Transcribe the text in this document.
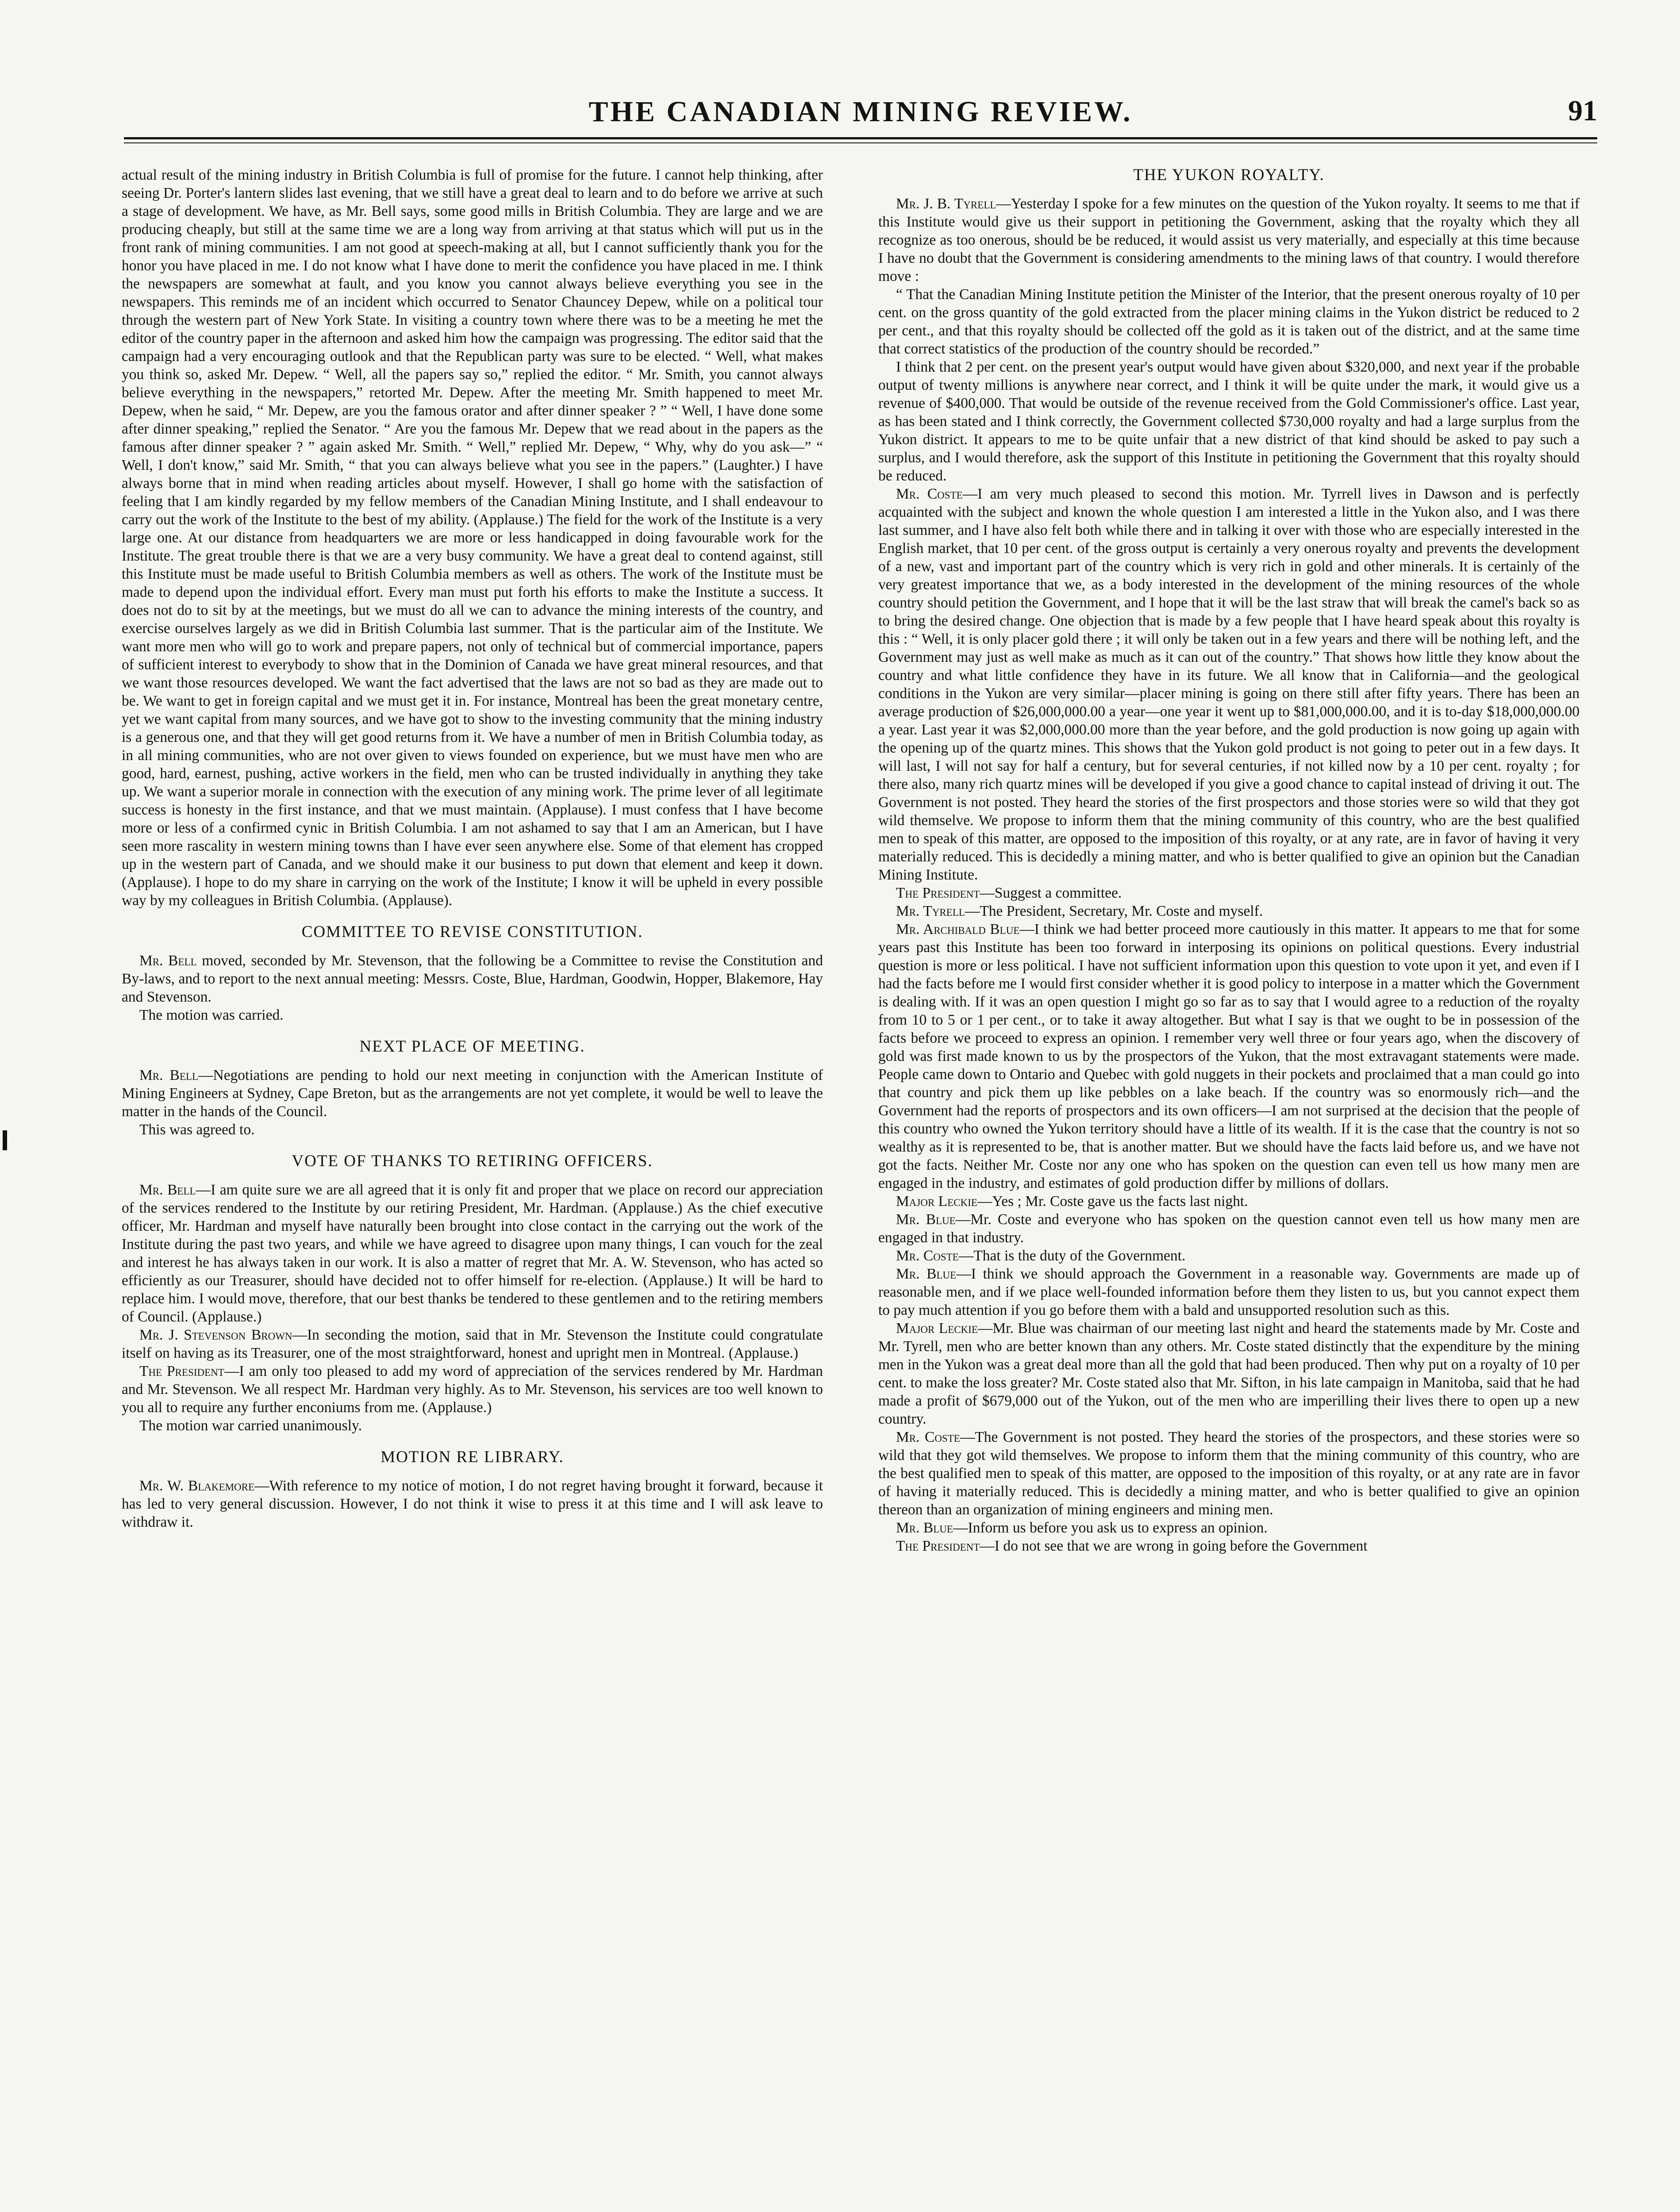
THE CANADIAN MINING REVIEW.	91

actual result of the mining industry in British Columbia is full of promise for the future. I cannot help thinking, after seeing Dr. Porter's lantern slides last evening, that we still have a great deal to learn and to do before we arrive at such a stage of development. We have, as Mr. Bell says, some good mills in British Columbia. They are large and we are producing cheaply, but still at the same time we are a long way from arriving at that status which will put us in the front rank of mining communities. I am not good at speech-making at all, but I cannot sufficiently thank you for the honor you have placed in me. I do not know what I have done to merit the confidence you have placed in me. I think the newspapers are somewhat at fault, and you know you cannot always believe everything you see in the newspapers. This reminds me of an incident which occurred to Senator Chauncey Depew, while on a political tour through the western part of New York State. In visiting a country town where there was to be a meeting he met the editor of the country paper in the afternoon and asked him how the campaign was progressing. The editor said that the campaign had a very encouraging outlook and that the Republican party was sure to be elected. “ Well, what makes you think so, asked Mr. Depew. “ Well, all the papers say so,” replied the editor. “ Mr. Smith, you cannot always believe everything in the newspapers,” retorted Mr. Depew. After the meeting Mr. Smith happened to meet Mr. Depew, when he said, “ Mr. Depew, are you the famous orator and after dinner speaker ? ” “ Well, I have done some after dinner speaking,” replied the Senator. “ Are you the famous Mr. Depew that we read about in the papers as the famous after dinner speaker ? ” again asked Mr. Smith. “ Well,” replied Mr. Depew, “ Why, why do you ask—” “ Well, I don't know,” said Mr. Smith, “ that you can always believe what you see in the papers.” (Laughter.) I have always borne that in mind when reading articles about myself. However, I shall go home with the satisfaction of feeling that I am kindly regarded by my fellow members of the Canadian Mining Institute, and I shall endeavour to carry out the work of the Institute to the best of my ability. (Applause.) The field for the work of the Institute is a very large one. At our distance from headquarters we are more or less handicapped in doing favourable work for the Institute. The great trouble there is that we are a very busy community. We have a great deal to contend against, still this Institute must be made useful to British Columbia members as well as others. The work of the Institute must be made to depend upon the individual effort. Every man must put forth his efforts to make the Institute a success. It does not do to sit by at the meetings, but we must do all we can to advance the mining interests of the country, and exercise ourselves largely as we did in British Columbia last summer. That is the particular aim of the Institute. We want more men who will go to work and prepare papers, not only of technical but of commercial importance, papers of sufficient interest to everybody to show that in the Dominion of Canada we have great mineral resources, and that we want those resources developed. We want the fact advertised that the laws are not so bad as they are made out to be. We want to get in foreign capital and we must get it in. For instance, Montreal has been the great monetary centre, yet we want capital from many sources, and we have got to show to the investing community that the mining industry is a generous one, and that they will get good returns from it. We have a number of men in British Columbia today, as in all mining communities, who are not over given to views founded on experience, but we must have men who are good, hard, earnest, pushing, active workers in the field, men who can be trusted individually in anything they take up. We want a superior morale in connection with the execution of any mining work. The prime lever of all legitimate success is honesty in the first instance, and that we must maintain. (Applause). I must confess that I have become more or less of a confirmed cynic in British Columbia. I am not ashamed to say that I am an American, but I have seen more rascality in western mining towns than I have ever seen anywhere else. Some of that element has cropped up in the western part of Canada, and we should make it our business to put down that element and keep it down. (Applause). I hope to do my share in carrying on the work of the Institute; I know it will be upheld in every possible way by my colleagues in British Columbia. (Applause).

COMMITTEE TO REVISE CONSTITUTION.

Mr. Bell moved, seconded by Mr. Stevenson, that the following be a Committee to revise the Constitution and By-laws, and to report to the next annual meeting: Messrs. Coste, Blue, Hardman, Goodwin, Hopper, Blakemore, Hay and Stevenson.

The motion was carried.

NEXT PLACE OF MEETING.

Mr. Bell—Negotiations are pending to hold our next meeting in conjunction with the American Institute of Mining Engineers at Sydney, Cape Breton, but as the arrangements are not yet complete, it would be well to leave the matter in the hands of the Council.

This was agreed to.

VOTE OF THANKS TO RETIRING OFFICERS.

Mr. Bell—I am quite sure we are all agreed that it is only fit and proper that we place on record our appreciation of the services rendered to the Institute by our retiring President, Mr. Hardman. (Applause.) As the chief executive officer, Mr. Hardman and myself have naturally been brought into close contact in the carrying out the work of the Institute during the past two years, and while we have agreed to disagree upon many things, I can vouch for the zeal and interest he has always taken in our work. It is also a matter of regret that Mr. A. W. Stevenson, who has acted so efficiently as our Treasurer, should have decided not to offer himself for re-election. (Applause.) It will be hard to replace him. I would move, therefore, that our best thanks be tendered to these gentlemen and to the retiring members of Council. (Applause.)

Mr. J. Stevenson Brown—In seconding the motion, said that in Mr. Stevenson the Institute could congratulate itself on having as its Treasurer, one of the most straightforward, honest and upright men in Montreal. (Applause.)

The President—I am only too pleased to add my word of appreciation of the services rendered by Mr. Hardman and Mr. Stevenson. We all respect Mr. Hardman very highly. As to Mr. Stevenson, his services are too well known to you all to require any further enconiums from me. (Applause.)

The motion war carried unanimously.

MOTION RE LIBRARY.

Mr. W. Blakemore—With reference to my notice of motion, I do not regret having brought it forward, because it has led to very general discussion. However, I do not think it wise to press it at this time and I will ask leave to withdraw it.

THE YUKON ROYALTY.

Mr. J. B. Tyrell—Yesterday I spoke for a few minutes on the question of the Yukon royalty. It seems to me that if this Institute would give us their support in petitioning the Government, asking that the royalty which they all recognize as too onerous, should be be reduced, it would assist us very materially, and especially at this time because I have no doubt that the Government is considering amendments to the mining laws of that country. I would therefore move :

“ That the Canadian Mining Institute petition the Minister of the Interior, that the present onerous royalty of 10 per cent. on the gross quantity of the gold extracted from the placer mining claims in the Yukon district be reduced to 2 per cent., and that this royalty should be collected off the gold as it is taken out of the district, and at the same time that correct statistics of the production of the country should be recorded.”

I think that 2 per cent. on the present year's output would have given about $320,000, and next year if the probable output of twenty millions is anywhere near correct, and I think it will be quite under the mark, it would give us a revenue of $400,000. That would be outside of the revenue received from the Gold Commissioner's office. Last year, as has been stated and I think correctly, the Government collected $730,000 royalty and had a large surplus from the Yukon district. It appears to me to be quite unfair that a new district of that kind should be asked to pay such a surplus, and I would therefore, ask the support of this Institute in petitioning the Government that this royalty should be reduced.

Mr. Coste—I am very much pleased to second this motion. Mr. Tyrrell lives in Dawson and is perfectly acquainted with the subject and known the whole question I am interested a little in the Yukon also, and I was there last summer, and I have also felt both while there and in talking it over with those who are especially interested in the English market, that 10 per cent. of the gross output is certainly a very onerous royalty and prevents the development of a new, vast and important part of the country which is very rich in gold and other minerals. It is certainly of the very greatest importance that we, as a body interested in the development of the mining resources of the whole country should petition the Government, and I hope that it will be the last straw that will break the camel's back so as to bring the desired change. One objection that is made by a few people that I have heard speak about this royalty is this : “ Well, it is only placer gold there ; it will only be taken out in a few years and there will be nothing left, and the Government may just as well make as much as it can out of the country.” That shows how little they know about the country and what little confidence they have in its future. We all know that in California—and the geological conditions in the Yukon are very similar—placer mining is going on there still after fifty years. There has been an average production of $26,000,000.00 a year—one year it went up to $81,000,000.00, and it is to-day $18,000,000.00 a year. Last year it was $2,000,000.00 more than the year before, and the gold production is now going up again with the opening up of the quartz mines. This shows that the Yukon gold product is not going to peter out in a few days. It will last, I will not say for half a century, but for several centuries, if not killed now by a 10 per cent. royalty ; for there also, many rich quartz mines will be developed if you give a good chance to capital instead of driving it out. The Government is not posted. They heard the stories of the first prospectors and those stories were so wild that they got wild themselve. We propose to inform them that the mining community of this country, who are the best qualified men to speak of this matter, are opposed to the imposition of this royalty, or at any rate, are in favor of having it very materially reduced. This is decidedly a mining matter, and who is better qualified to give an opinion but the Canadian Mining Institute.

The President—Suggest a committee.

Mr. Tyrell—The President, Secretary, Mr. Coste and myself.

Mr. Archibald Blue—I think we had better proceed more cautiously in this matter. It appears to me that for some years past this Institute has been too forward in interposing its opinions on political questions. Every industrial question is more or less political. I have not sufficient information upon this question to vote upon it yet, and even if I had the facts before me I would first consider whether it is good policy to interpose in a matter which the Government is dealing with. If it was an open question I might go so far as to say that I would agree to a reduction of the royalty from 10 to 5 or 1 per cent., or to take it away altogether. But what I say is that we ought to be in possession of the facts before we proceed to express an opinion. I remember very well three or four years ago, when the discovery of gold was first made known to us by the prospectors of the Yukon, that the most extravagant statements were made. People came down to Ontario and Quebec with gold nuggets in their pockets and proclaimed that a man could go into that country and pick them up like pebbles on a lake beach. If the country was so enormously rich—and the Government had the reports of prospectors and its own officers—I am not surprised at the decision that the people of this country who owned the Yukon territory should have a little of its wealth. If it is the case that the country is not so wealthy as it is represented to be, that is another matter. But we should have the facts laid before us, and we have not got the facts. Neither Mr. Coste nor any one who has spoken on the question can even tell us how many men are engaged in the industry, and estimates of gold production differ by millions of dollars.

Major Leckie—Yes ; Mr. Coste gave us the facts last night.

Mr. Blue—Mr. Coste and everyone who has spoken on the question cannot even tell us how many men are engaged in that industry.

Mr. Coste—That is the duty of the Government.

Mr. Blue—I think we should approach the Government in a reasonable way. Governments are made up of reasonable men, and if we place well-founded information before them they listen to us, but you cannot expect them to pay much attention if you go before them with a bald and unsupported resolution such as this.

Major Leckie—Mr. Blue was chairman of our meeting last night and heard the statements made by Mr. Coste and Mr. Tyrell, men who are better known than any others. Mr. Coste stated distinctly that the expenditure by the mining men in the Yukon was a great deal more than all the gold that had been produced. Then why put on a royalty of 10 per cent. to make the loss greater? Mr. Coste stated also that Mr. Sifton, in his late campaign in Manitoba, said that he had made a profit of $679,000 out of the Yukon, out of the men who are imperilling their lives there to open up a new country.

Mr. Coste—The Government is not posted. They heard the stories of the prospectors, and these stories were so wild that they got wild themselves. We propose to inform them that the mining community of this country, who are the best qualified men to speak of this matter, are opposed to the imposition of this royalty, or at any rate are in favor of having it materially reduced. This is decidedly a mining matter, and who is better qualified to give an opinion thereon than an organization of mining engineers and mining men.

Mr. Blue—Inform us before you ask us to express an opinion.

The President—I do not see that we are wrong in going before the Government
